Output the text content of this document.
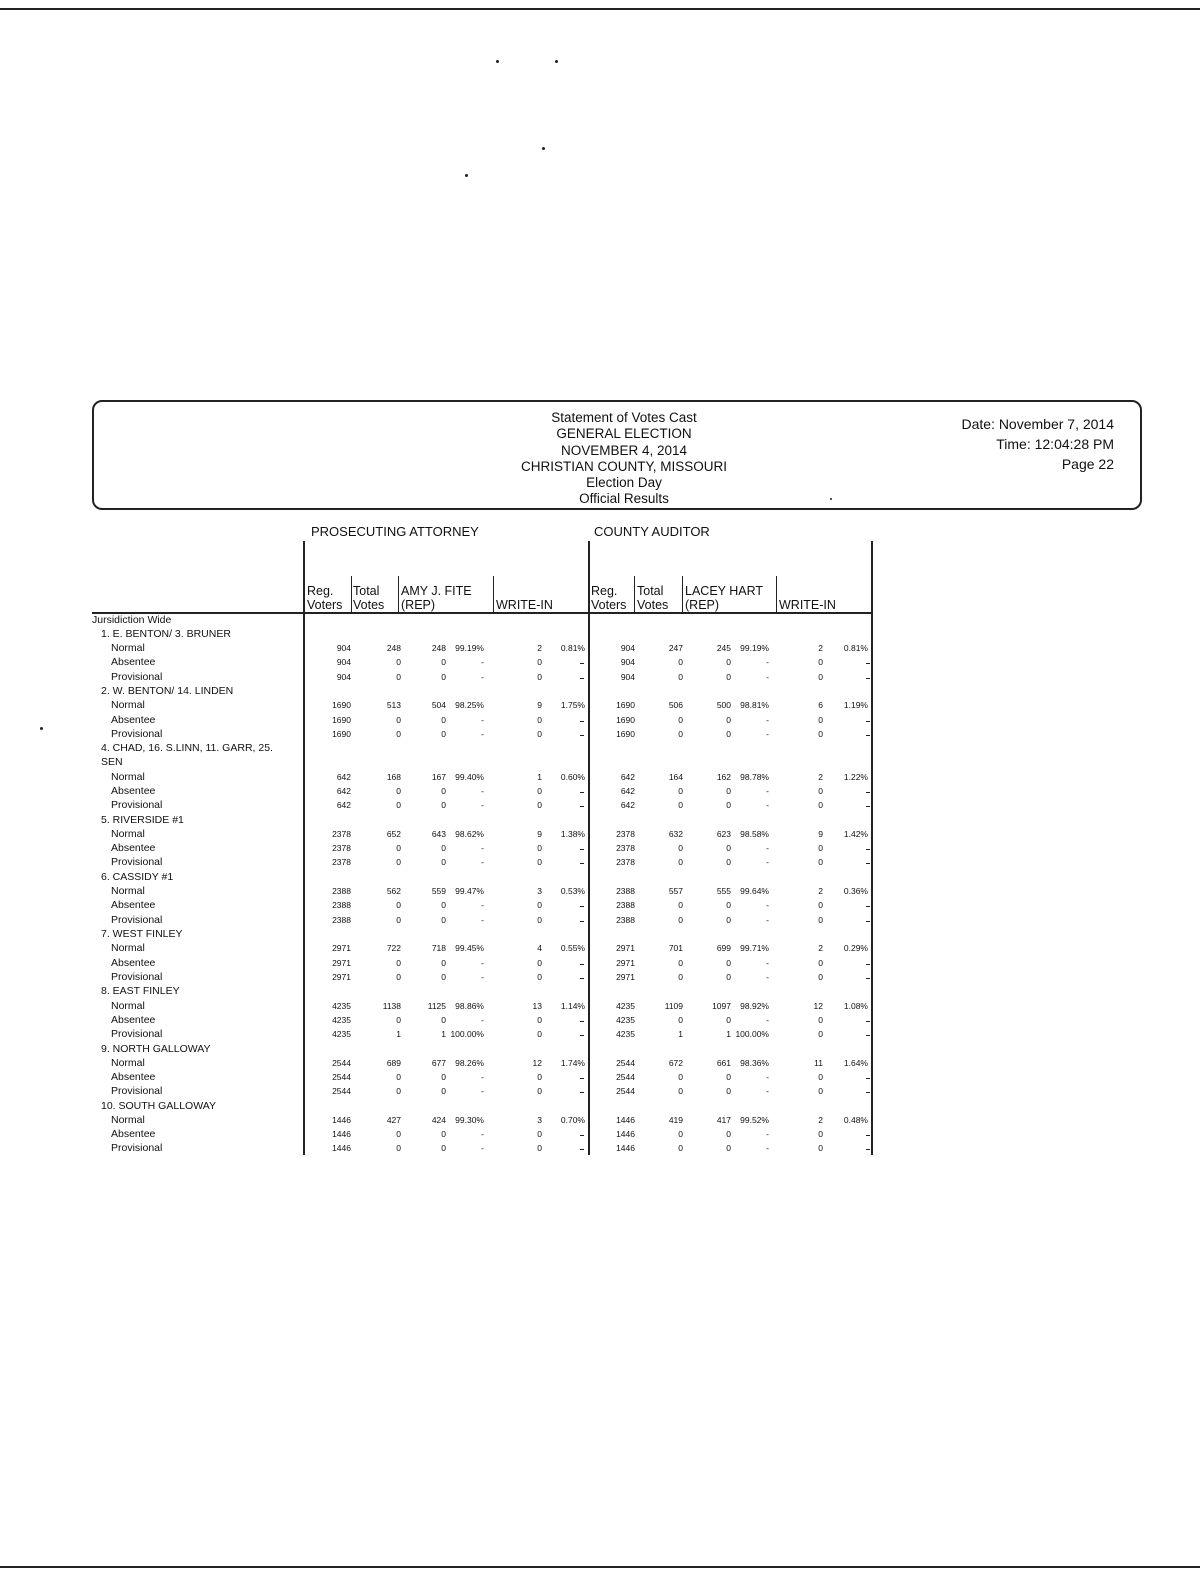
Statement of Votes Cast
GENERAL ELECTION
NOVEMBER 4, 2014
CHRISTIAN COUNTY, MISSOURI
Election Day
Official Results
Date: November 7, 2014
Time: 12:04:28 PM
Page 22
PROSECUTING ATTORNEY	COUNTY AUDITOR
Reg.
Voters
Total
Votes
AMY J. FITE
(REP)	WRITE-IN
Reg.
Voters
Total
Votes
LACEY HART
(REP)	WRITE-IN
Jursidiction Wide
1. E. BENTON/ 3. BRUNER
Normal	904	248	248 99.19%	2 0.81%	904	247	245 99.19%	2 0.81%
Absentee	904	0	0	-	0	904	0	0	-	0
Provisional	904	0	0	-	0	904	0	0	-	0
2. W. BENTON/ 14. LINDEN
Normal	1690	513	504 98.25%	9 1.75%	1690	506	500 98.81%	6 1.19%
Absentee	1690	0	0	-	0	1690	0	0	-	0
Provisional	1690	0	0	-	0	1690	0	0	-	0
4. CHAD, 16. S.LINN, 11. GARR, 25.
SEN
Normal	642	168	167 99.40%	1 0.60%	642	164	162 98.78%	2 1.22%
Absentee	642	0	0	-	0	642	0	0	-	0
Provisional	642	0	0	-	0	642	0	0	-	0
5. RIVERSIDE #1
Normal	2378	652	643 98.62%	9 1.38%	2378	632	623 98.58%	9 1.42%
Absentee	2378	0	0	-	0	2378	0	0	-	0
Provisional	2378	0	0	-	0	2378	0	0	-	0
6. CASSIDY #1
Normal	2388	562	559 99.47%	3 0.53%	2388	557	555 99.64%	2 0.36%
Absentee	2388	0	0	-	0	2388	0	0	-	0
Provisional	2388	0	0	-	0	2388	0	0	-	0
7. WEST FINLEY
Normal	2971	722	718 99.45%	4 0.55%	2971	701	699 99.71%	2 0.29%
Absentee	2971	0	0	-	0	2971	0	0	-	0
Provisional	2971	0	0	-	0	2971	0	0	-	0
8. EAST FINLEY
Normal	4235	1138	1125 98.86%	13 1.14%	4235	1109	1097 98.92%	12 1.08%
Absentee	4235	0	0	-	0	4235	0	0	-	0
Provisional	4235	1	1 100.00%	0	4235	1	1 100.00%	0
9. NORTH GALLOWAY
Normal	2544	689	677 98.26%	12 1.74%	2544	672	661 98.36%	11 1.64%
Absentee	2544	0	0	-	0	2544	0	0	-	0
Provisional	2544	0	0	-	0	2544	0	0	-	0
10. SOUTH GALLOWAY
Normal	1446	427	424 99.30%	3 0.70%	1446	419	417 99.52%	2 0.48%
Absentee	1446	0	0	-	0	1446	0	0	-	0
Provisional	1446	0	0	-	0	1446	0	0	-	0
